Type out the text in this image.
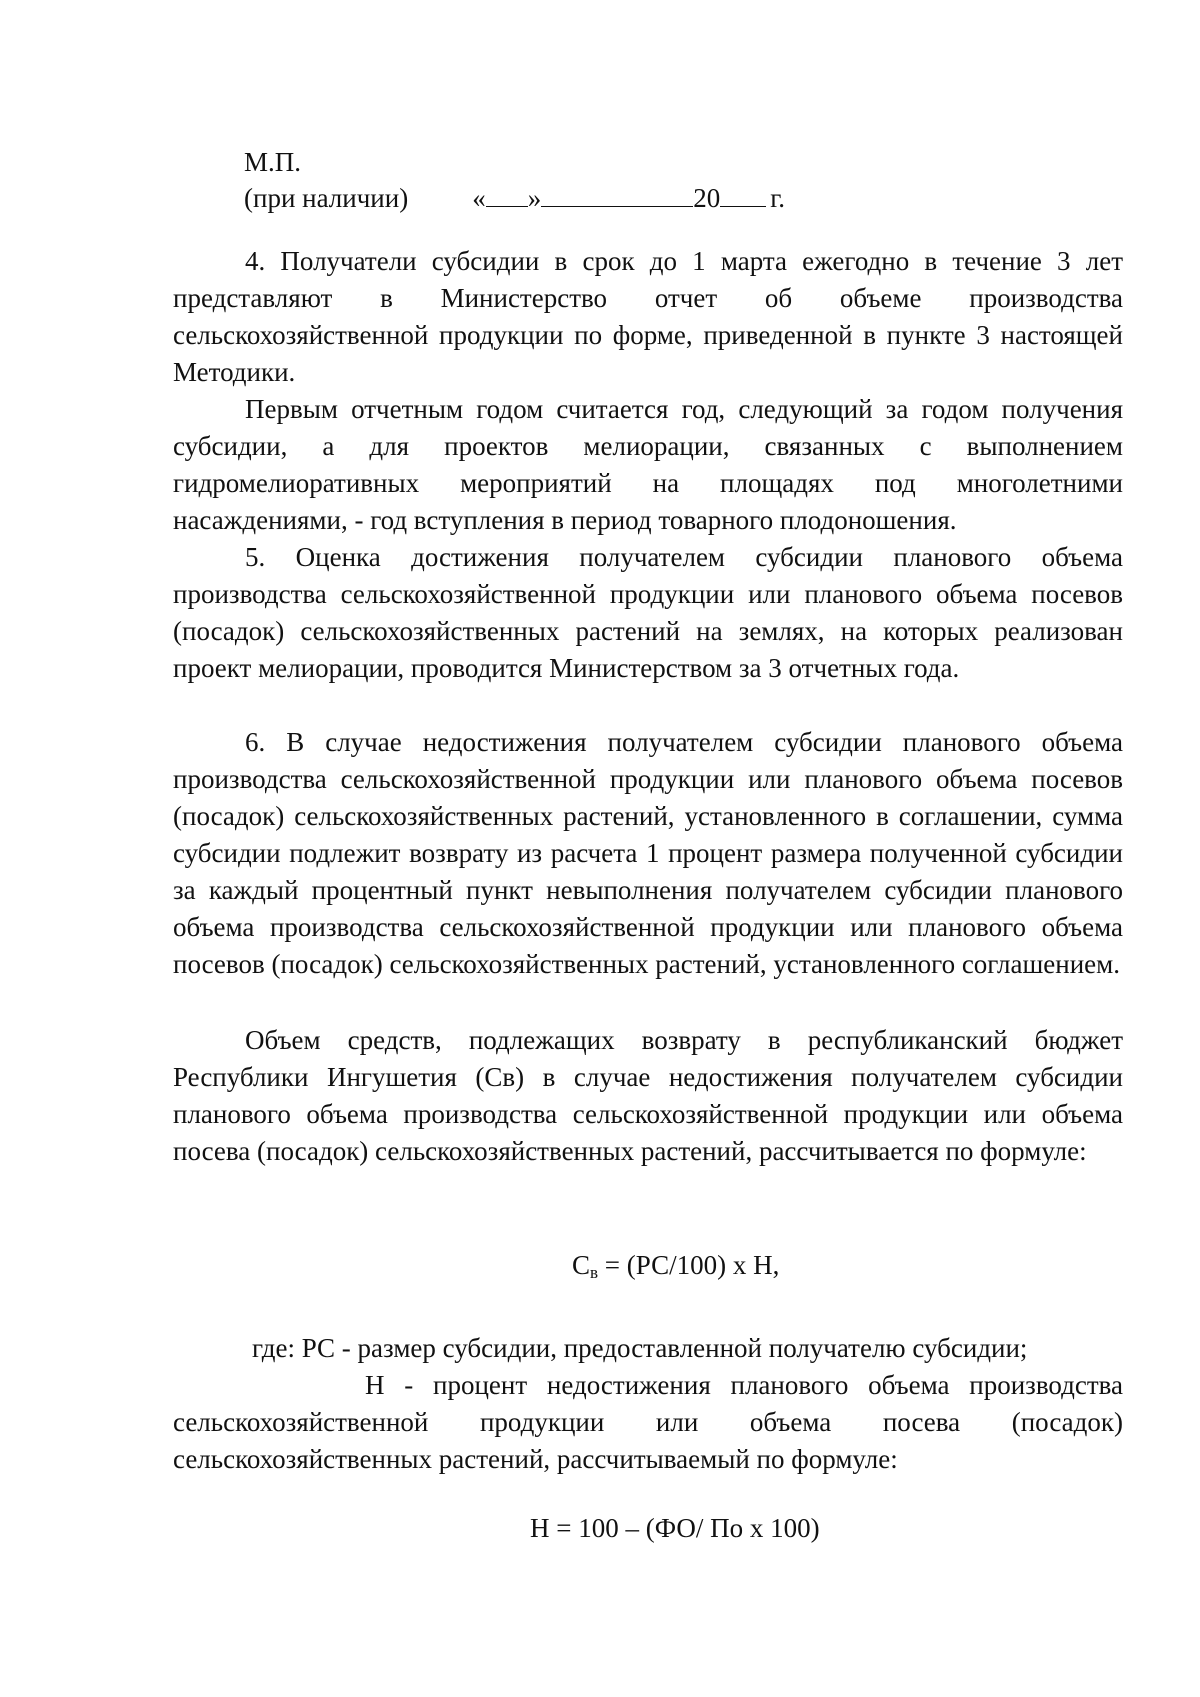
М.П.
(при наличии) « »	20 г.
4. Получатели субсидии в срок до 1 марта ежегодно в течение 3 лет представляют в Министерство отчет об объеме производства сельскохозяйственной продукции по форме, приведенной в пункте 3 настоящей Методики.
Первым отчетным годом считается год, следующий за годом получения субсидии, а для проектов мелиорации, связанных с выполнением гидромелиоративных мероприятий на площадях под многолетними насаждениями, - год вступления в период товарного плодоношения.
5. Оценка достижения получателем субсидии планового объема производства сельскохозяйственной продукции или планового объема посевов (посадок) сельскохозяйственных растений на землях, на которых реализован проект мелиорации, проводится Министерством за 3 отчетных года.
6. В случае недостижения получателем субсидии планового объема производства сельскохозяйственной продукции или планового объема посевов (посадок) сельскохозяйственных растений, установленного в соглашении, сумма субсидии подлежит возврату из расчета 1 процент размера полученной субсидии за каждый процентный пункт невыполнения получателем субсидии планового объема производства сельскохозяйственной продукции или планового объема посевов (посадок) сельскохозяйственных растений, установленного соглашением.
Объем средств, подлежащих возврату в республиканский бюджет Республики Ингушетия (Св) в случае недостижения получателем субсидии планового объема производства сельскохозяйственной продукции или объема посева (посадок) сельскохозяйственных растений, рассчитывается по формуле:
$С_в = (РС/100)$ х Н,
где: РС - размер субсидии, предоставленной получателю субсидии;
Н - процент недостижения планового объема производства сельскохозяйственной продукции или объема посева (посадок) сельскохозяйственных растений, рассчитываемый по формуле:
Н = 100 – (ФО/ По х 100)
